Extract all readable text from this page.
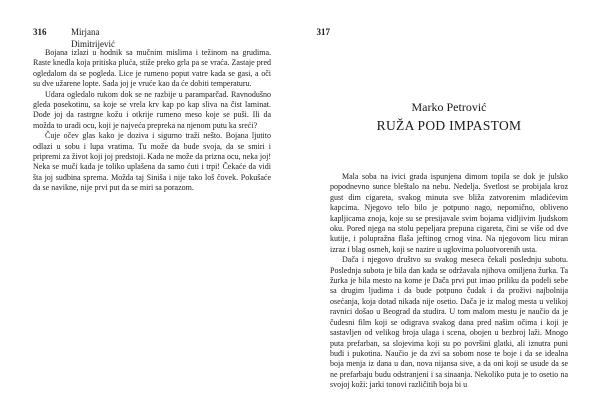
316	Mirjana Dimitrijević

Bojana izlazi u hodnik sa mučnim mislima i težinom na grudima. Raste knedla koja pritiska pluća, stiže preko grla pa se vraća. Zastaje pred ogledalom da se pogleda. Lice je rumeno poput vatre kada se gasi, a oči su dve užarene lopte. Sada joj je vruće kao da će dobiti temperaturu.

Udara ogledalo rukom dok se ne razbije u paramparčad. Ravnodušno gleda posekotinu, sa koje se vrela krv kap po kap sliva na čist laminat. Dođe joj da rastrgne kožu i otkrije rumeno meso koje se puši. Ili da možda to uradi ocu, koji je najveća prepreka na njenom putu ka sreći?

Čuje očev glas kako je doziva i sigurno traži nešto. Bojana ljutito odlazi u sobu i lupa vratima. Tu može da bude svoja, da se smiri i pripremi za život koji joj predstoji. Kada ne može da prizna ocu, neka joj! Neka se muči kada je toliko uplašena da samo ćuti i trpi! Čekaće da vidi šta joj sudbina sprema. Možda taj Siniša i nije tako loš čovek. Pokušaće da se navikne, nije prvi put da se miri sa porazom.

317
Marko Petrović
RUŽA POD IMPASTOM

Mala soba na ivici grada ispunjena dimom topila se dok je julsko popodnevno sunce bleštalo na nebu. Nedelja. Svetlost se probijala kroz gust dim cigareta, svakog minuta sve bliža zatvorenim mladićevim kapcima. Njegovo telo bilo je potpuno nago, nepomično, obliveno kapljicama znoja, koje su se presijavale svim bojama vidljivim ljudskom oku. Pored njega na stolu pepeljara prepuna cigareta, čini se više od dve kutije, i polupražna flaša jeftinog crnog vina. Na njegovom licu miran izraz i blag osmeh, koji se nazire u uglovima poluotvorenih usta.

Dača i njegovo društvo su svakog meseca čekali poslednju subotu. Poslednja subota je bila dan kada se održavala njihova omiljena žurka. Ta žurka je bila mesto na kome je Dača prvi put imao priliku da podeli sebe sa drugim ljudima i da bude potpuno čudak i da proživi najbolnija osećanja, koja dotad nikada nije osetio. Dača je iz malog mesta u velikoj ravnici došao u Beograd da studira. U tom malom mestu je naučio da je čudesni film koji se odigrava svakog dana pred našim očima i koji je sastavljen od velikog broja ulaga i scena, obojen u bezbroj laži. Mnogo puta prefarban, sa slojevima koji su po površini glatki, ali iznutra puni buđi i pukotina. Naučio je da zvi sa sobom nose te boje i da se idealna boja menja iz dana u dan, nova nijansa sive, a da oni koji se usude da se ne prefarbaju budu odstranjeni i sa sinaanja. Nekoliko puta je to osetio na svojoj koži: jarki tonovi različitih boja bi u
